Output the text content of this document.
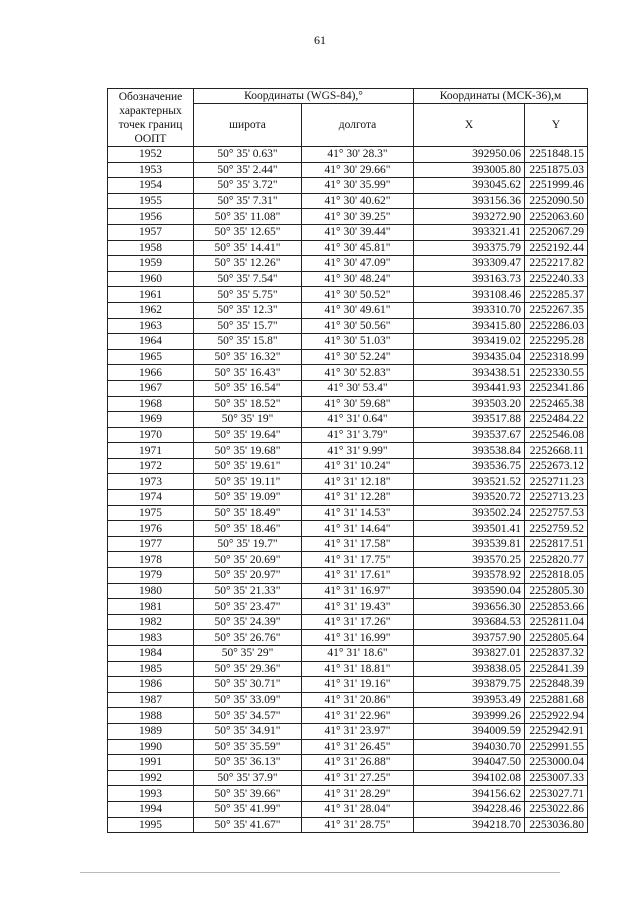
61
Обозначение характерных точек границ ООПТ	Координаты (WGS-84),°		Координаты (МСК-36),м	
	широта	долгота	X	Y
1952	50° 35' 0.63"	41° 30' 28.3"	392950.06	2251848.15
1953	50° 35' 2.44"	41° 30' 29.66"	393005.80	2251875.03
1954	50° 35' 3.72"	41° 30' 35.99"	393045.62	2251999.46
1955	50° 35' 7.31"	41° 30' 40.62"	393156.36	2252090.50
1956	50° 35' 11.08"	41° 30' 39.25"	393272.90	2252063.60
1957	50° 35' 12.65"	41° 30' 39.44"	393321.41	2252067.29
1958	50° 35' 14.41"	41° 30' 45.81"	393375.79	2252192.44
1959	50° 35' 12.26"	41° 30' 47.09"	393309.47	2252217.82
1960	50° 35' 7.54"	41° 30' 48.24"	393163.73	2252240.33
1961	50° 35' 5.75"	41° 30' 50.52"	393108.46	2252285.37
1962	50° 35' 12.3"	41° 30' 49.61"	393310.70	2252267.35
1963	50° 35' 15.7"	41° 30' 50.56"	393415.80	2252286.03
1964	50° 35' 15.8"	41° 30' 51.03"	393419.02	2252295.28
1965	50° 35' 16.32"	41° 30' 52.24"	393435.04	2252318.99
1966	50° 35' 16.43"	41° 30' 52.83"	393438.51	2252330.55
1967	50° 35' 16.54"	41° 30' 53.4"	393441.93	2252341.86
1968	50° 35' 18.52"	41° 30' 59.68"	393503.20	2252465.38
1969	50° 35' 19"	41° 31' 0.64"	393517.88	2252484.22
1970	50° 35' 19.64"	41° 31' 3.79"	393537.67	2252546.08
1971	50° 35' 19.68"	41° 31' 9.99"	393538.84	2252668.11
1972	50° 35' 19.61"	41° 31' 10.24"	393536.75	2252673.12
1973	50° 35' 19.11"	41° 31' 12.18"	393521.52	2252711.23
1974	50° 35' 19.09"	41° 31' 12.28"	393520.72	2252713.23
1975	50° 35' 18.49"	41° 31' 14.53"	393502.24	2252757.53
1976	50° 35' 18.46"	41° 31' 14.64"	393501.41	2252759.52
1977	50° 35' 19.7"	41° 31' 17.58"	393539.81	2252817.51
1978	50° 35' 20.69"	41° 31' 17.75"	393570.25	2252820.77
1979	50° 35' 20.97"	41° 31' 17.61"	393578.92	2252818.05
1980	50° 35' 21.33"	41° 31' 16.97"	393590.04	2252805.30
1981	50° 35' 23.47"	41° 31' 19.43"	393656.30	2252853.66
1982	50° 35' 24.39"	41° 31' 17.26"	393684.53	2252811.04
1983	50° 35' 26.76"	41° 31' 16.99"	393757.90	2252805.64
1984	50° 35' 29"	41° 31' 18.6"	393827.01	2252837.32
1985	50° 35' 29.36"	41° 31' 18.81"	393838.05	2252841.39
1986	50° 35' 30.71"	41° 31' 19.16"	393879.75	2252848.39
1987	50° 35' 33.09"	41° 31' 20.86"	393953.49	2252881.68
1988	50° 35' 34.57"	41° 31' 22.96"	393999.26	2252922.94
1989	50° 35' 34.91"	41° 31' 23.97"	394009.59	2252942.91
1990	50° 35' 35.59"	41° 31' 26.45"	394030.70	2252991.55
1991	50° 35' 36.13"	41° 31' 26.88"	394047.50	2253000.04
1992	50° 35' 37.9"	41° 31' 27.25"	394102.08	2253007.33
1993	50° 35' 39.66"	41° 31' 28.29"	394156.62	2253027.71
1994	50° 35' 41.99"	41° 31' 28.04"	394228.46	2253022.86
1995	50° 35' 41.67"	41° 31' 28.75"	394218.70	2253036.80
